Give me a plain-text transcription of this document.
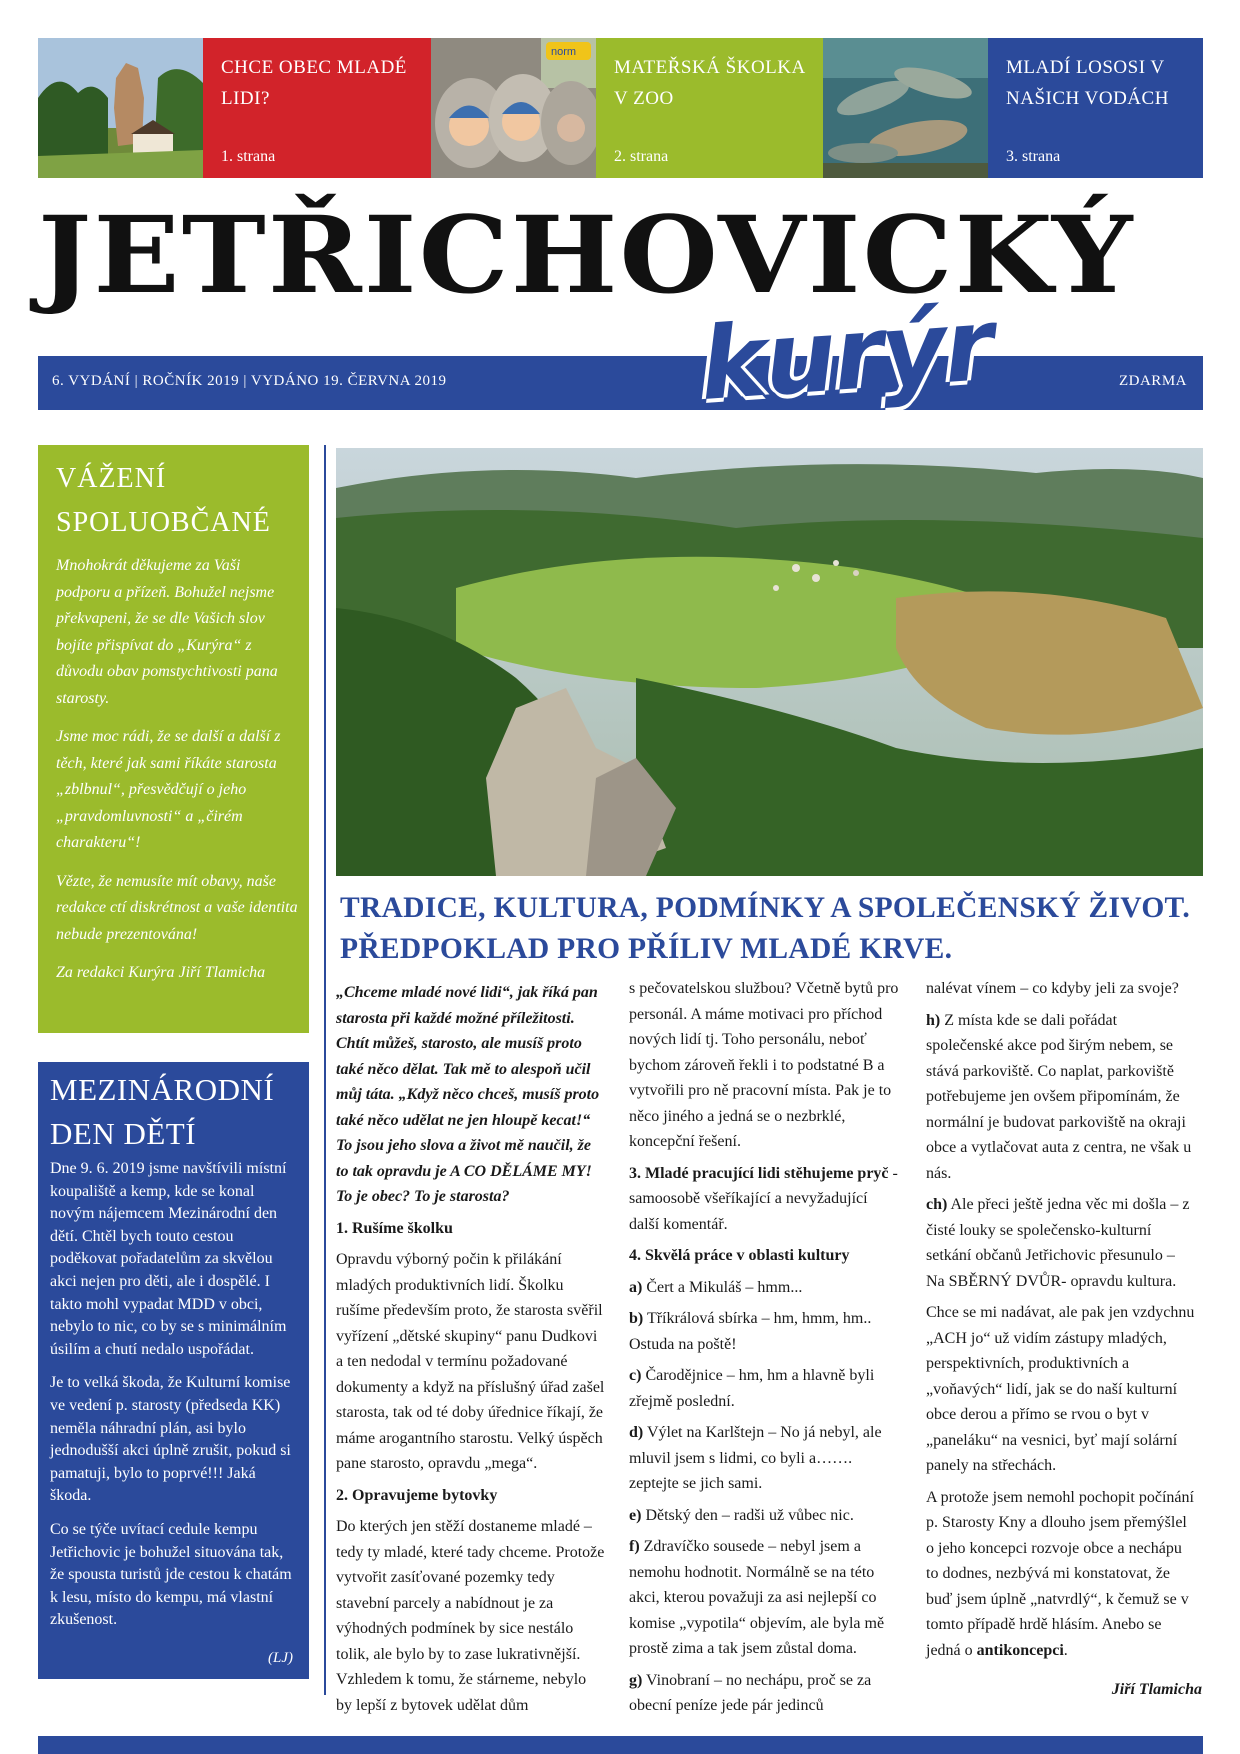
CHCE OBEC MLADÉ LIDI?
1. strana
norm
MATEŘSKÁ ŠKOLKA V ZOO
2. strana
MLADÍ LOSOSI V NAŠICH VODÁCH
3. strana
JETŘICHOVICKÝ
6. VYDÁNÍ | ROČNÍK 2019 | VYDÁNO 19. ČERVNA 2019	ZDARMA
kurýr
VÁŽENÍ SPOLUOBČANÉ

Mnohokrát děkujeme za Vaši podporu a přízeň. Bohužel nejsme překvapeni, že se dle Vašich slov bojíte přispívat do „Kurýra“ z důvodu obav pomstychtivosti pana starosty.

Jsme moc rádi, že se další a další z těch, které jak sami říkáte starosta „zblbnul“, přesvědčují o jeho „pravdomluvnosti“ a „čirém charakteru“!

Vězte, že nemusíte mít obavy, naše redakce ctí diskrétnost a vaše identita nebude prezentována!

Za redakci Kurýra Jiří Tlamicha

MEZINÁRODNÍ DEN DĚTÍ

Dne 9. 6. 2019 jsme navštívili místní koupaliště a kemp, kde se konal novým nájemcem Mezinárodní den dětí. Chtěl bych touto cestou poděkovat pořadatelům za skvělou akci nejen pro děti, ale i dospělé. I takto mohl vypadat MDD v obci, nebylo to nic, co by se s minimálním úsilím a chutí nedalo uspořádat.

Je to velká škoda, že Kulturní komise ve vedení p. starosty (předseda KK) neměla náhradní plán, asi bylo jednodušší akci úplně zrušit, pokud si pamatuji, bylo to poprvé!!! Jaká škoda.

Co se týče uvítací cedule kempu Jetřichovic je bohužel situována tak, že spousta turistů jde cestou k chatám k lesu, místo do kempu, má vlastní zkušenost.

(LJ)
TRADICE, KULTURA, PODMÍNKY A SPOLEČENSKÝ ŽIVOT. PŘEDPOKLAD PRO PŘÍLIV MLADÉ KRVE.

„Chceme mladé nové lidi“, jak říká pan starosta při každé možné příležitosti. Chtít můžeš, starosto, ale musíš proto také něco dělat. Tak mě to alespoň učil můj táta. „Když něco chceš, musíš proto také něco udělat ne jen hloupě kecat!“ To jsou jeho slova a život mě naučil, že to tak opravdu je A CO DĚLÁME MY! To je obec? To je starosta?

1. Rušíme školku

Opravdu výborný počin k přilákání mladých produktivních lidí. Školku rušíme především proto, že starosta svěřil vyřízení „dětské skupiny“ panu Dudkovi a ten nedodal v termínu požadované dokumenty a když na příslušný úřad zašel starosta, tak od té doby úřednice říkají, že máme arogantního starostu. Velký úspěch pane starosto, opravdu „mega“.

2. Opravujeme bytovky

Do kterých jen stěží dostaneme mladé – tedy ty mladé, které tady chceme. Protože vytvořit zasíťované pozemky tedy stavební parcely a nabídnout je za výhodných podmínek by sice nestálo tolik, ale bylo by to zase lukrativnější. Vzhledem k tomu, že stárneme, nebylo by lepší z bytovek udělat dům

s pečovatelskou službou? Včetně bytů pro personál. A máme motivaci pro příchod nových lidí tj. Toho personálu, neboť bychom zároveň řekli i to podstatné B a vytvořili pro ně pracovní místa. Pak je to něco jiného a jedná se o nezbrklé, koncepční řešení.

3. Mladé pracující lidi stěhujeme pryč - samoosobě všeříkající a nevyžadující další komentář.

4. Skvělá práce v oblasti kultury

a) Čert a Mikuláš – hmm...

b) Tříkrálová sbírka – hm, hmm, hm.. Ostuda na poště!

c) Čarodějnice – hm, hm a hlavně byli zřejmě poslední.

d) Výlet na Karlštejn – No já nebyl, ale mluvil jsem s lidmi, co byli a……. zeptejte se jich sami.

e) Dětský den – radši už vůbec nic.

f) Zdravíčko sousede – nebyl jsem a nemohu hodnotit. Normálně se na této akci, kterou považuji za asi nejlepší co komise „vypotila“ objevím, ale byla mě prostě zima a tak jsem zůstal doma.

g) Vinobraní – no nechápu, proč se za obecní peníze jede pár jedinců

nalévat vínem – co kdyby jeli za svoje?

h) Z místa kde se dali pořádat společenské akce pod širým nebem, se stává parkoviště. Co naplat, parkoviště potřebujeme jen ovšem připomínám, že normální je budovat parkoviště na okraji obce a vytlačovat auta z centra, ne však u nás.

ch) Ale přeci ještě jedna věc mi došla – z čisté louky se společensko-kulturní setkání občanů Jetřichovic přesunulo – Na SBĚRNÝ DVŮR- opravdu kultura.

Chce se mi nadávat, ale pak jen vzdychnu „ACH jo“ už vidím zástupy mladých, perspektivních, produktivních a „voňavých“ lidí, jak se do naší kulturní obce derou a přímo se rvou o byt v „paneláku“ na vesnici, byť mají solární panely na střechách.

A protože jsem nemohl pochopit počínání p. Starosty Kny a dlouho jsem přemýšlel o jeho koncepci rozvoje obce a nechápu to dodnes, nezbývá mi konstatovat, že buď jsem úplně „natvrdlý“, k čemuž se v tomto případě hrdě hlásím. Anebo se jedná o antikoncepci.

Jiří Tlamicha
